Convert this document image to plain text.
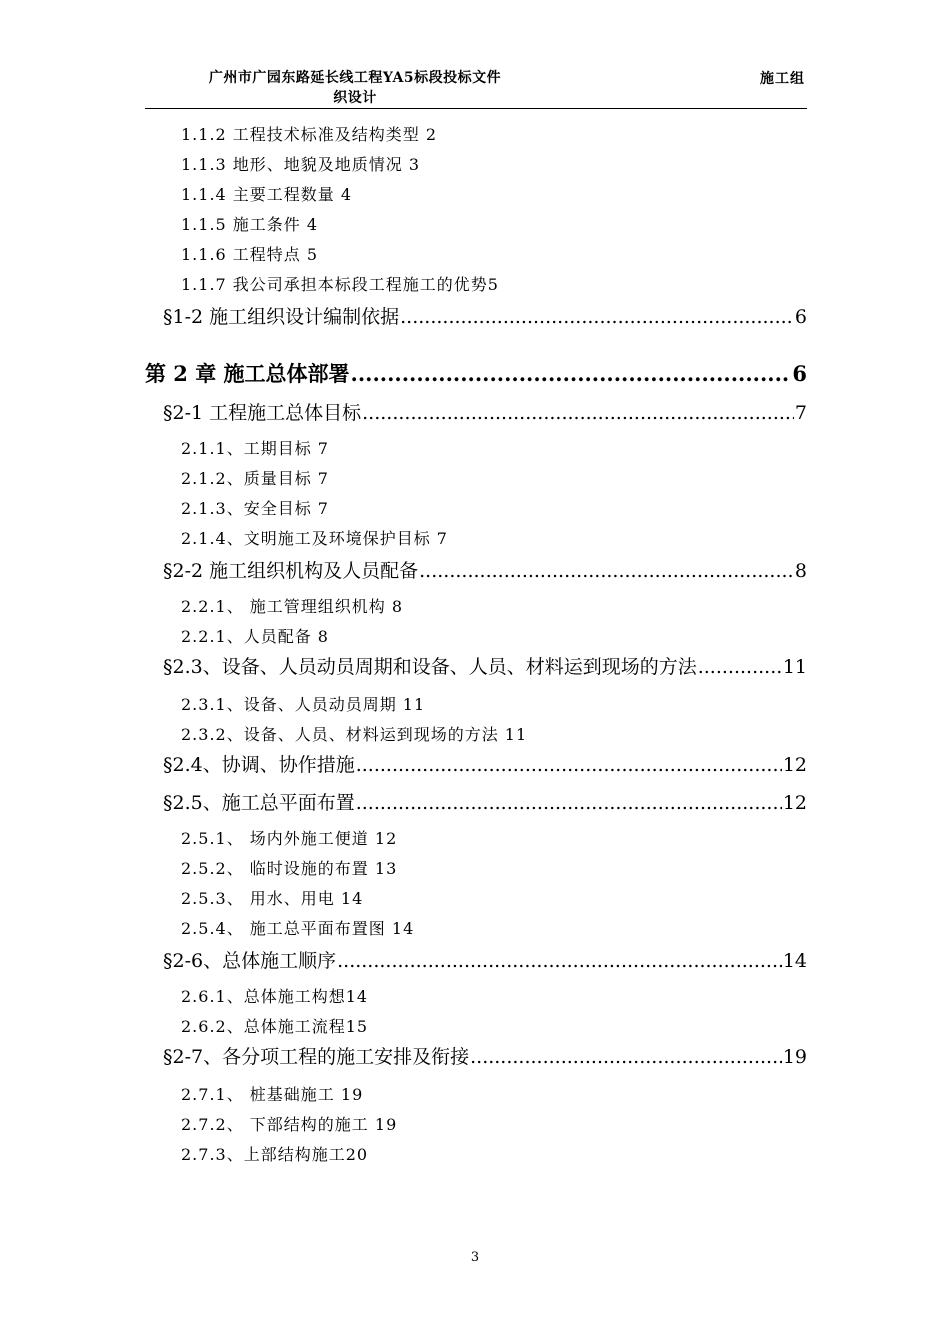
广州市广园东路延长线工程YA5标段投标文件
织设计
施工组
1.1.2 工程技术标准及结构类型 2
1.1.3 地形、地貌及地质情况 3
1.1.4 主要工程数量 4
1.1.5 施工条件 4
1.1.6 工程特点 5
1.1.7 我公司承担本标段工程施工的优势5
§1-2 施工组织设计编制依据 .....	6
第 2 章 施工总体部署 .....	6
§2-1 工程施工总体目标 .....	7
2.1.1、工期目标 7
2.1.2、质量目标 7
2.1.3、安全目标 7
2.1.4、文明施工及环境保护目标 7
§2-2 施工组织机构及人员配备 .....	8
2.2.1、 施工管理组织机构 8
2.2.1、人员配备 8
§2.3、设备、人员动员周期和设备、人员、材料运到现场的方法 .....	11
2.3.1、设备、人员动员周期 11
2.3.2、设备、人员、材料运到现场的方法 11
§2.4、协调、协作措施 .....	12
§2.5、施工总平面布置 .....	12
2.5.1、 场内外施工便道 12
2.5.2、 临时设施的布置 13
2.5.3、 用水、用电 14
2.5.4、 施工总平面布置图 14
§2-6、总体施工顺序 .....	14
2.6.1、总体施工构想14
2.6.2、总体施工流程15
§2-7、各分项工程的施工安排及衔接 .....	19
2.7.1、 桩基础施工 19
2.7.2、 下部结构的施工 19
2.7.3、上部结构施工20
3
